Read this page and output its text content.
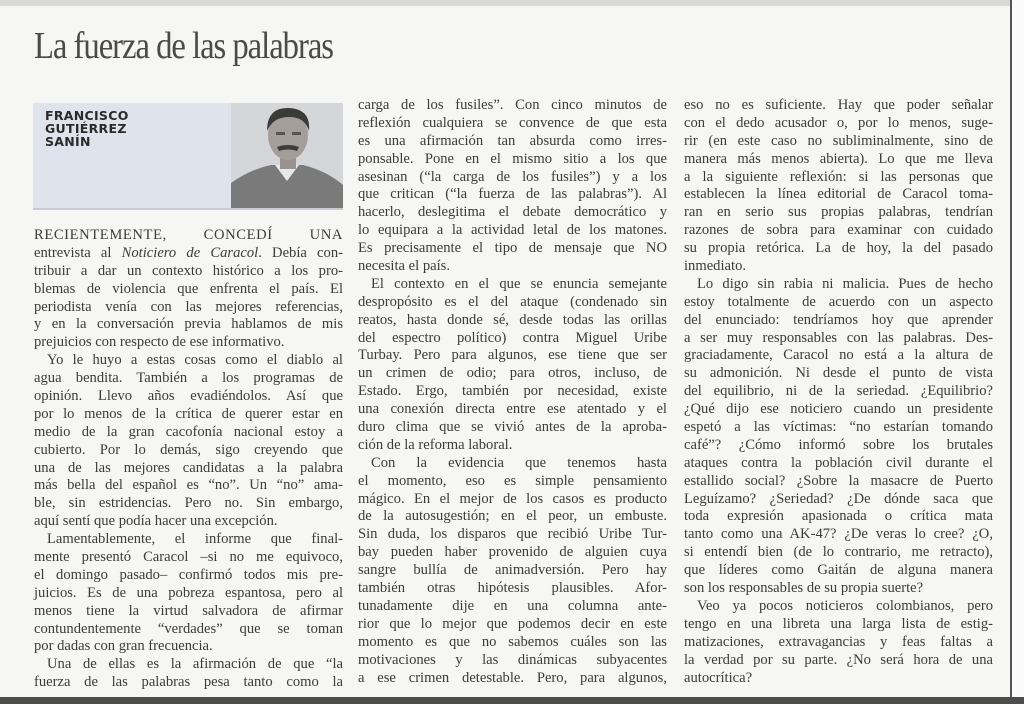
La fuerza de las palabras
FRANCISCO
GUTIÉRREZ
SANÍN
RECIENTEMENTE, CONCEDÍ UNA
entrevista al Noticiero de Caracol. Debía con-
tribuir a dar un contexto histórico a los pro-
blemas de violencia que enfrenta el país. El
periodista venía con las mejores referencias,
y en la conversación previa hablamos de mis
prejuicios con respecto de ese informativo.
Yo le huyo a estas cosas como el diablo al
agua bendita. También a los programas de
opinión. Llevo años evadiéndolos. Así que
por lo menos de la crítica de querer estar en
medio de la gran cacofonía nacional estoy a
cubierto. Por lo demás, sigo creyendo que
una de las mejores candidatas a la palabra
más bella del español es “no”. Un “no” ama-
ble, sin estridencias. Pero no. Sin embargo,
aquí sentí que podía hacer una excepción.
Lamentablemente, el informe que final-
mente presentó Caracol –si no me equivoco,
el domingo pasado– confirmó todos mis pre-
juicios. Es de una pobreza espantosa, pero al
menos tiene la virtud salvadora de afirmar
contundentemente “verdades” que se toman
por dadas con gran frecuencia.
Una de ellas es la afirmación de que “la
fuerza de las palabras pesa tanto como la
carga de los fusiles”. Con cinco minutos de
reflexión cualquiera se convence de que esta
es una afirmación tan absurda como irres-
ponsable. Pone en el mismo sitio a los que
asesinan (“la carga de los fusiles”) y a los
que critican (“la fuerza de las palabras”). Al
hacerlo, deslegitima el debate democrático y
lo equipara a la actividad letal de los matones.
Es precisamente el tipo de mensaje que NO
necesita el país.
El contexto en el que se enuncia semejante
despropósito es el del ataque (condenado sin
reatos, hasta donde sé, desde todas las orillas
del espectro político) contra Miguel Uribe
Turbay. Pero para algunos, ese tiene que ser
un crimen de odio; para otros, incluso, de
Estado. Ergo, también por necesidad, existe
una conexión directa entre ese atentado y el
duro clima que se vivió antes de la aproba-
ción de la reforma laboral.
Con la evidencia que tenemos hasta
el momento, eso es simple pensamiento
mágico. En el mejor de los casos es producto
de la autosugestión; en el peor, un embuste.
Sin duda, los disparos que recibió Uribe Tur-
bay pueden haber provenido de alguien cuya
sangre bullía de animadversión. Pero hay
también otras hipótesis plausibles. Afor-
tunadamente dije en una columna ante-
rior que lo mejor que podemos decir en este
momento es que no sabemos cuáles son las
motivaciones y las dinámicas subyacentes
a ese crimen detestable. Pero, para algunos,
eso no es suficiente. Hay que poder señalar
con el dedo acusador o, por lo menos, suge-
rir (en este caso no subliminalmente, sino de
manera más menos abierta). Lo que me lleva
a la siguiente reflexión: si las personas que
establecen la línea editorial de Caracol toma-
ran en serio sus propias palabras, tendrían
razones de sobra para examinar con cuidado
su propia retórica. La de hoy, la del pasado
inmediato.
Lo digo sin rabia ni malicia. Pues de hecho
estoy totalmente de acuerdo con un aspecto
del enunciado: tendríamos hoy que aprender
a ser muy responsables con las palabras. Des-
graciadamente, Caracol no está a la altura de
su admonición. Ni desde el punto de vista
del equilibrio, ni de la seriedad. ¿Equilibrio?
¿Qué dijo ese noticiero cuando un presidente
espetó a las víctimas: “no estarían tomando
café”? ¿Cómo informó sobre los brutales
ataques contra la población civil durante el
estallido social? ¿Sobre la masacre de Puerto
Leguízamo? ¿Seriedad? ¿De dónde saca que
toda expresión apasionada o crítica mata
tanto como una AK-47? ¿De veras lo cree? ¿O,
si entendí bien (de lo contrario, me retracto),
que líderes como Gaitán de alguna manera
son los responsables de su propia suerte?
Veo ya pocos noticieros colombianos, pero
tengo en una libreta una larga lista de estig-
matizaciones, extravagancias y feas faltas a
la verdad por su parte. ¿No será hora de una
autocrítica?
